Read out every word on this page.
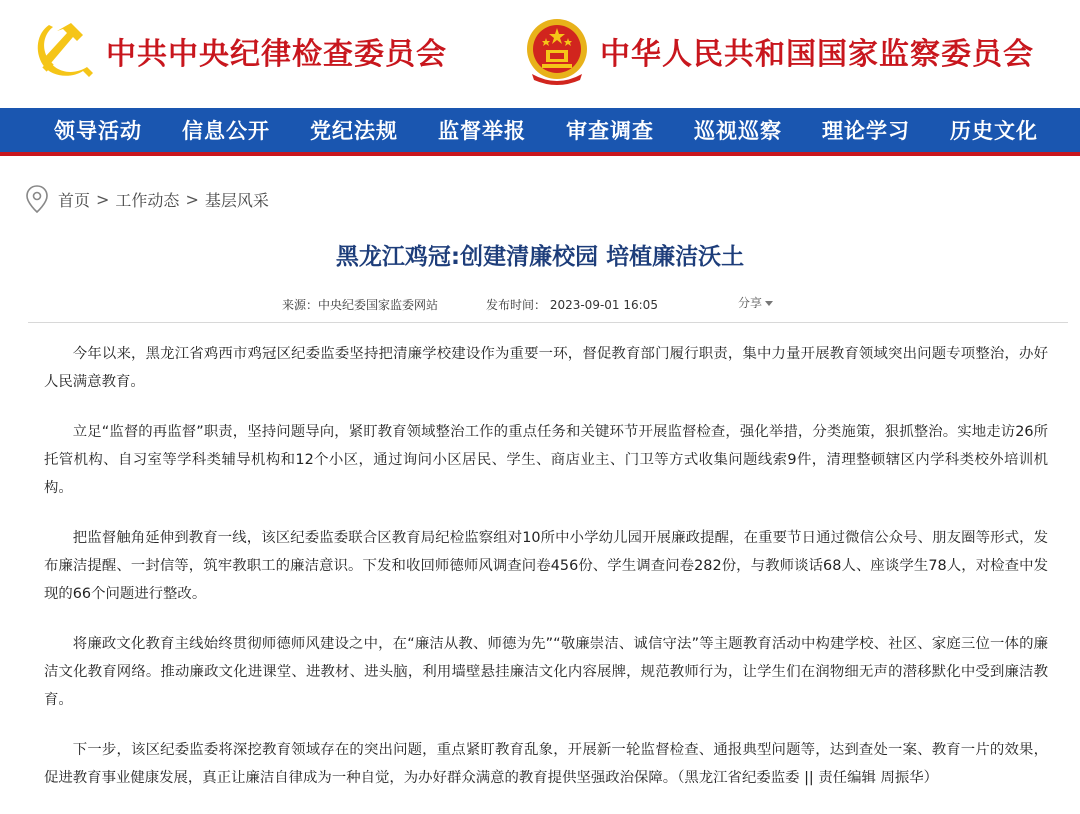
中共中央纪律检查委员会	中华人民共和国国家监察委员会
领导活动 信息公开 党纪法规 监督举报 审查调查 巡视巡察 理论学习 历史文化
首页 > 工作动态 > 基层风采
黑龙江鸡冠:创建清廉校园 培植廉洁沃土
来源：中央纪委国家监委网站	发布时间： 2023-09-01 16:05	分享

今年以来，黑龙江省鸡西市鸡冠区纪委监委坚持把清廉学校建设作为重要一环，督促教育部门履行职责，集中力量开展教育领域突出问题专项整治，办好人民满意教育。

立足“监督的再监督”职责，坚持问题导向，紧盯教育领域整治工作的重点任务和关键环节开展监督检查，强化举措，分类施策，狠抓整治。实地走访26所托管机构、自习室等学科类辅导机构和12个小区，通过询问小区居民、学生、商店业主、门卫等方式收集问题线索9件，清理整顿辖区内学科类校外培训机构。

把监督触角延伸到教育一线，该区纪委监委联合区教育局纪检监察组对10所中小学幼儿园开展廉政提醒，在重要节日通过微信公众号、朋友圈等形式，发布廉洁提醒、一封信等，筑牢教职工的廉洁意识。下发和收回师德师风调查问卷456份、学生调查问卷282份，与教师谈话68人、座谈学生78人，对检查中发现的66个问题进行整改。

将廉政文化教育主线始终贯彻师德师风建设之中，在“廉洁从教、师德为先”“敬廉崇洁、诚信守法”等主题教育活动中构建学校、社区、家庭三位一体的廉洁文化教育网络。推动廉政文化进课堂、进教材、进头脑，利用墙壁悬挂廉洁文化内容展牌，规范教师行为，让学生们在润物细无声的潜移默化中受到廉洁教育。

下一步，该区纪委监委将深挖教育领域存在的突出问题，重点紧盯教育乱象，开展新一轮监督检查、通报典型问题等，达到查处一案、教育一片的效果，促进教育事业健康发展，真正让廉洁自律成为一种自觉，为办好群众满意的教育提供坚强政治保障。（黑龙江省纪委监委 || 责任编辑 周振华）
